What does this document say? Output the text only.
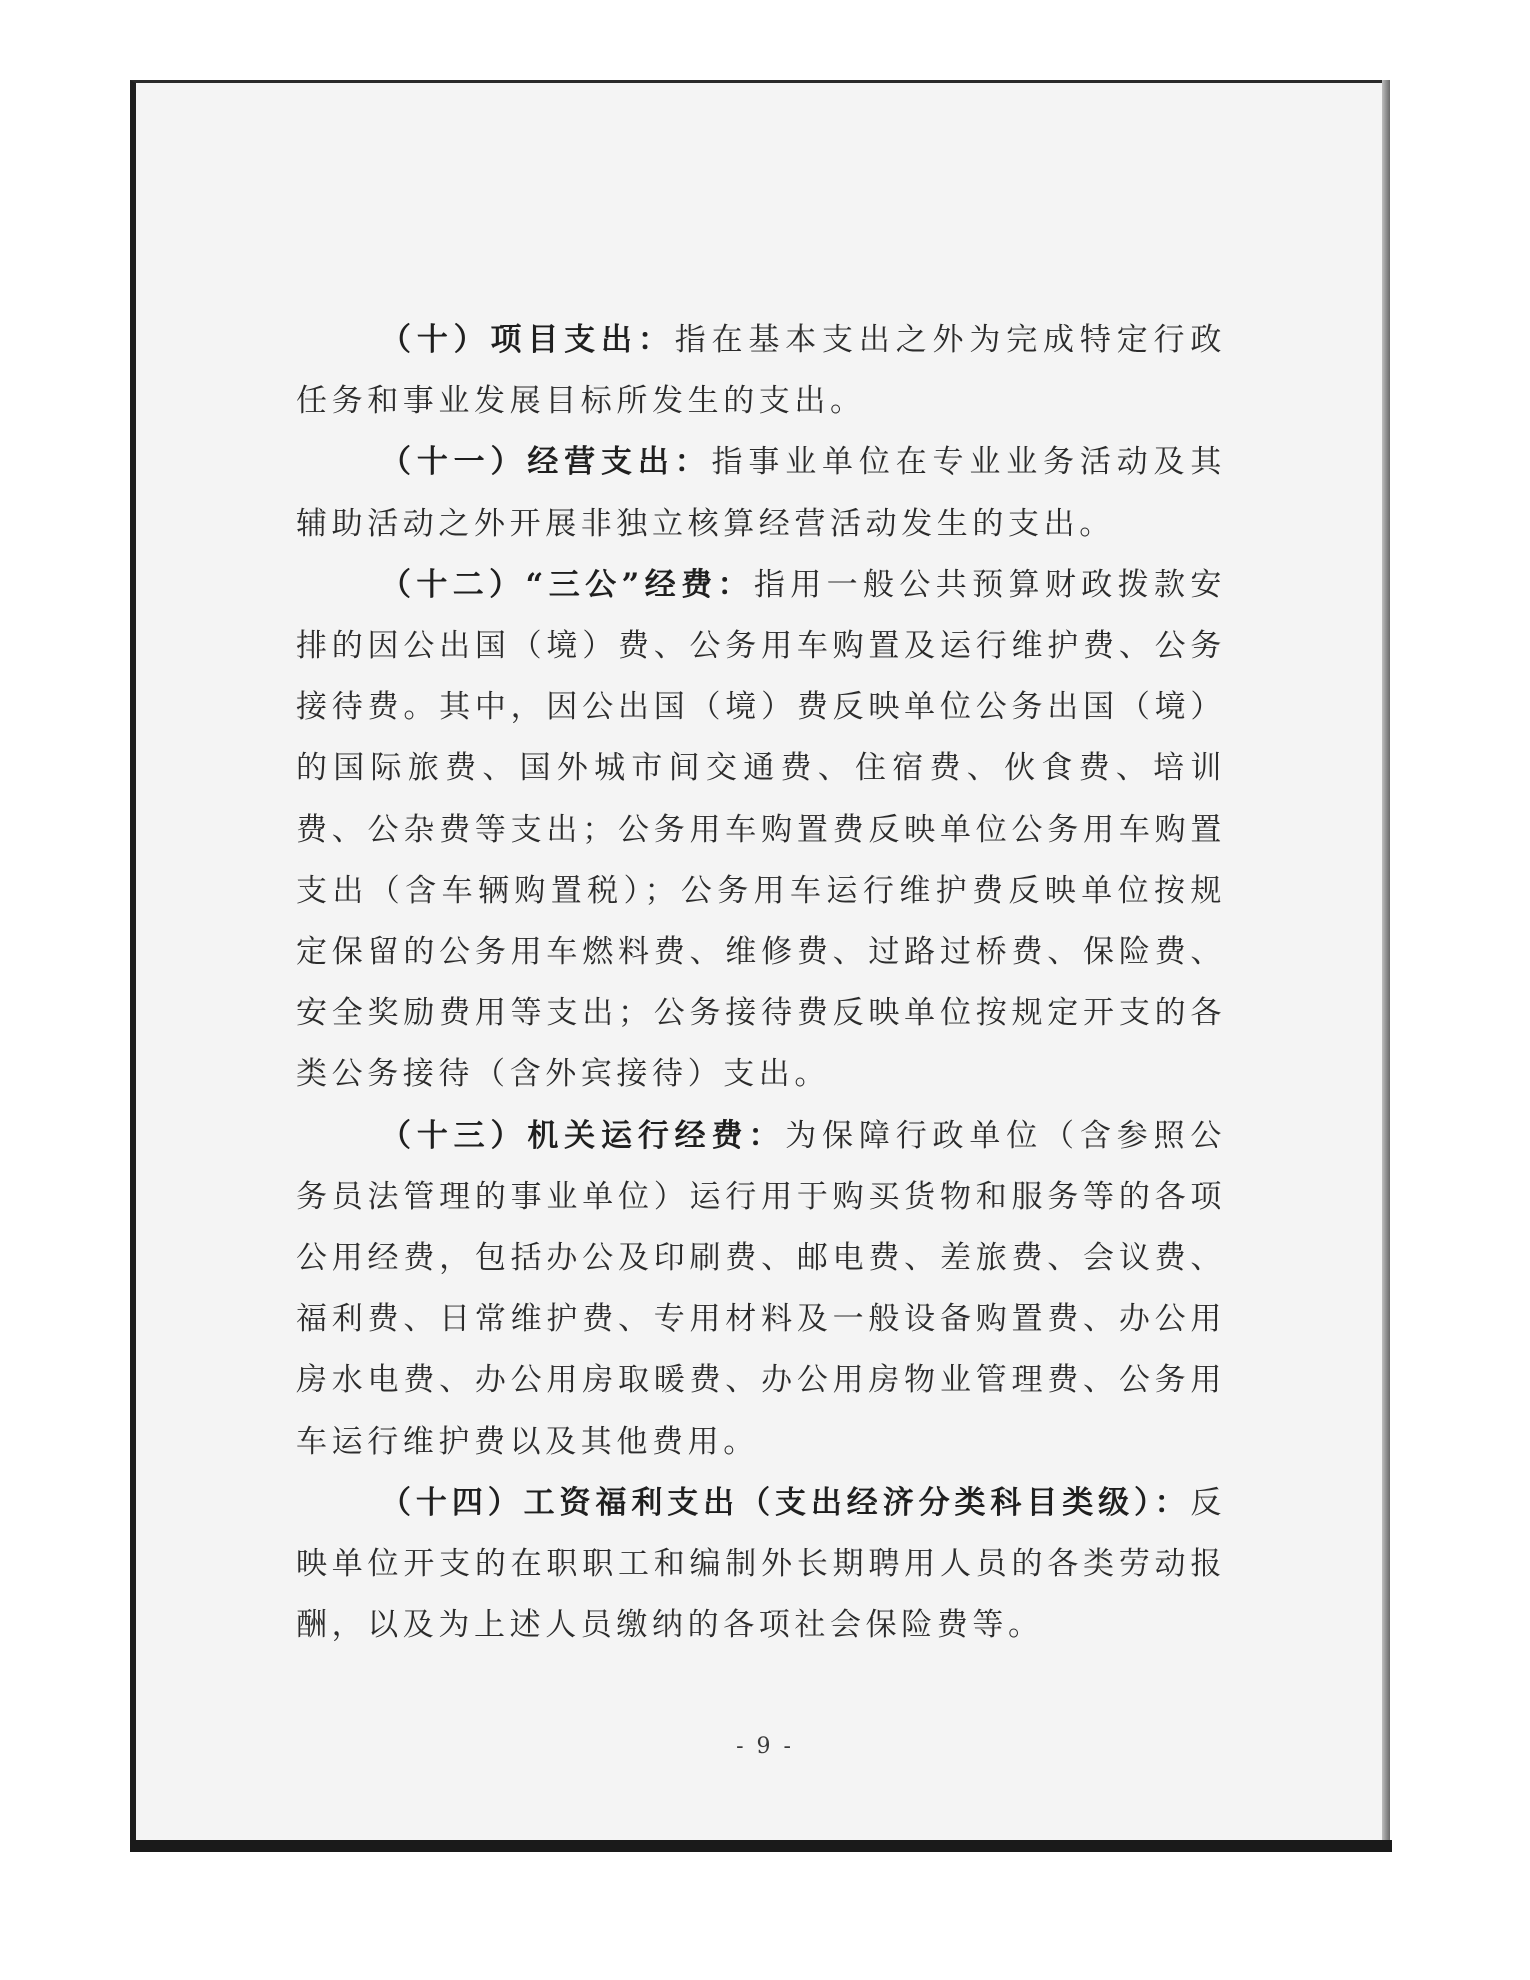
（十）项目支出：指在基本支出之外为完成特定行政任务和事业发展目标所发生的支出。

（十一）经营支出：指事业单位在专业业务活动及其辅助活动之外开展非独立核算经营活动发生的支出。

（十二）“三公”经费：指用一般公共预算财政拨款安排的因公出国（境）费、公务用车购置及运行维护费、公务接待费。其中，因公出国（境）费反映单位公务出国（境）的国际旅费、国外城市间交通费、住宿费、伙食费、培训费、公杂费等支出；公务用车购置费反映单位公务用车购置支出（含车辆购置税）；公务用车运行维护费反映单位按规定保留的公务用车燃料费、维修费、过路过桥费、保险费、安全奖励费用等支出；公务接待费反映单位按规定开支的各类公务接待（含外宾接待）支出。

（十三）机关运行经费：为保障行政单位（含参照公务员法管理的事业单位）运行用于购买货物和服务等的各项公用经费，包括办公及印刷费、邮电费、差旅费、会议费、福利费、日常维护费、专用材料及一般设备购置费、办公用房水电费、办公用房取暖费、办公用房物业管理费、公务用车运行维护费以及其他费用。

（十四）工资福利支出（支出经济分类科目类级）：反映单位开支的在职职工和编制外长期聘用人员的各类劳动报酬，以及为上述人员缴纳的各项社会保险费等。

- 9 -
